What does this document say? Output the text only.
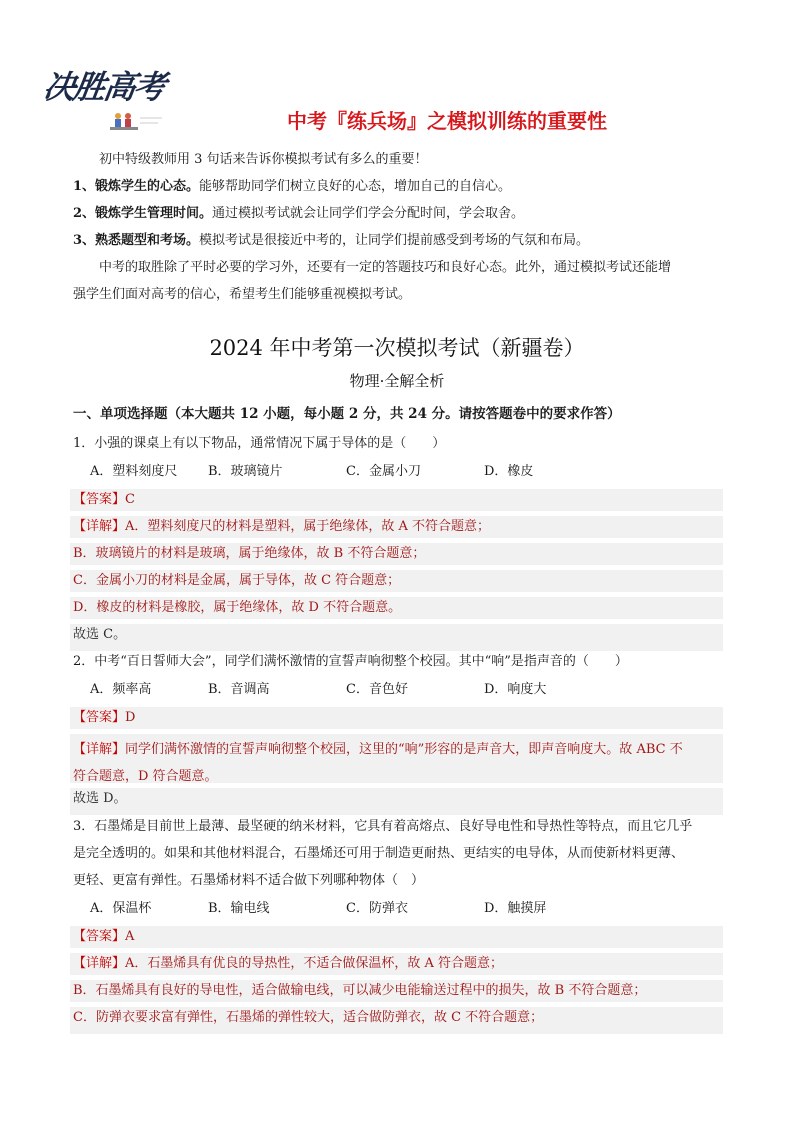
决胜高考
中考『练兵场』之模拟训练的重要性
初中特级教师用 3 句话来告诉你模拟考试有多么的重要！
1、锻炼学生的心态。能够帮助同学们树立良好的心态，增加自己的自信心。
2、锻炼学生管理时间。通过模拟考试就会让同学们学会分配时间，学会取舍。
3、熟悉题型和考场。模拟考试是很接近中考的，让同学们提前感受到考场的气氛和布局。
中考的取胜除了平时必要的学习外，还要有一定的答题技巧和良好心态。此外，通过模拟考试还能增
强学生们面对高考的信心，希望考生们能够重视模拟考试。
2024 年中考第一次模拟考试（新疆卷）
物理·全解全析
一、单项选择题（本大题共 12 小题，每小题 2 分，共 24 分。请按答题卷中的要求作答）
1．小强的课桌上有以下物品，通常情况下属于导体的是（　　）
A．塑料刻度尺 B．玻璃镜片	C．金属小刀	D．橡皮
【答案】C
【详解】A．塑料刻度尺的材料是塑料，属于绝缘体，故 A 不符合题意；
B．玻璃镜片的材料是玻璃，属于绝缘体，故 B 不符合题意；
C．金属小刀的材料是金属，属于导体，故 C 符合题意；
D．橡皮的材料是橡胶，属于绝缘体，故 D 不符合题意。
故选 C。
2．中考“百日誓师大会”，同学们满怀激情的宣誓声响彻整个校园。其中“响”是指声音的（　　）
A．频率高	B．音调高	C．音色好	D．响度大
【答案】D
【详解】同学们满怀激情的宣誓声响彻整个校园，这里的“响”形容的是声音大，即声音响度大。故 ABC 不
符合题意，D 符合题意。
故选 D。
3．石墨烯是目前世上最薄、最坚硬的纳米材料，它具有着高熔点、良好导电性和导热性等特点，而且它几乎
是完全透明的。如果和其他材料混合，石墨烯还可用于制造更耐热、更结实的电导体，从而使新材料更薄、
更轻、更富有弹性。石墨烯材料不适合做下列哪种物体（　）
A．保温杯	B．输电线	C．防弹衣	D．触摸屏
【答案】A
【详解】A．石墨烯具有优良的导热性，不适合做保温杯，故 A 符合题意；
B．石墨烯具有良好的导电性，适合做输电线，可以减少电能输送过程中的损失，故 B 不符合题意；
C．防弹衣要求富有弹性，石墨烯的弹性较大，适合做防弹衣，故 C 不符合题意；
